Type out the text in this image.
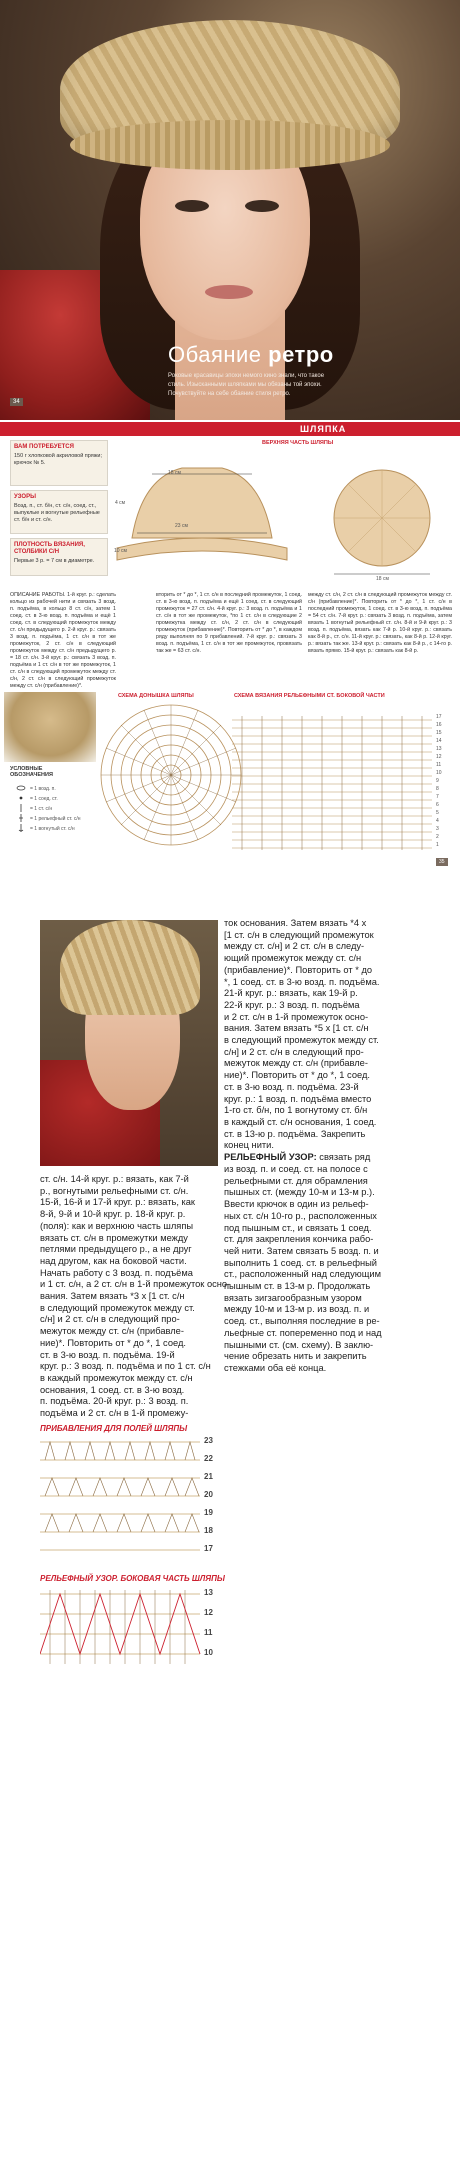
Обаяние ретро
Роковые красавицы эпохи немого кино знали, что такое стиль. Изысканными шляпками мы обязаны той эпохи. Почувствуйте на себе обаяние стиля ретро.
34
ШЛЯПКА
ВАМ ПОТРЕБУЕТСЯ
150 г хлопковой акриловой пряжи; крючок № 5.
УЗОРЫ
Возд. п., ст. б/н, ст. с/н, соед. ст., выпуклые и вогнутые рельефные ст. б/н и ст. с/н.
ПЛОТНОСТЬ ВЯЗАНИЯ, СТОЛБИКИ С/Н
Первые 3 р. = 7 см в диаметре.
ВЕРХНЯЯ ЧАСТЬ ШЛЯПЫ
18 см
23 см
18 см
4 см
10 см
ОПИСАНИЕ РАБОТЫ. 1-й круг. р.: сделать кольцо из рабочей нити и связать 3 возд. п. подъёма, в кольцо 8 ст. с/н, затем 1 соед. ст. в 3-ю возд. п. подъёма и ещё 1 соед. ст. в следующий промежуток между ст. с/н предыдущего р. 2-й круг. р.: связать 3 возд. п. подъёма, 1 ст. с/н в тот же промежуток, 2 ст. с/н в следующий промежуток между ст. с/н предыдущего р. = 18 ст. с/н. 3-й круг. р.: связать 3 возд. п. подъёма и 1 ст. с/н в тот же промежуток, 1 ст. с/н в следующий промежуток между ст. с/н, 2 ст. с/н в следующий промежуток между ст. с/н (прибавление)*.
вторить от * до *, 1 ст. с/н в последний промежуток, 1 соед. ст. в 3-ю возд. п. подъёма и ещё 1 соед. ст. в следующий промежуток = 27 ст. с/н. 4-й круг. р.: 3 возд. п. подъёма и 1 ст. с/н в тот же промежуток, *по 1 ст. с/н в следующие 2 промежутка между ст. с/н, 2 ст. с/н в следующий промежуток (прибавление)*. Повторить от * до *, в каждом ряду выполняя по 9 прибавлений. 7-й круг. р.: связать 3 возд. п. подъёма, 1 ст. с/н в тот же промежуток, провязать так же = 63 ст. с/н.
между ст. с/н, 2 ст. с/н в следующий промежуток между ст. с/н (прибавление)*. Повторить от * до *, 1 ст. с/н в последний промежуток, 1 соед. ст. в 3-ю возд. п. подъёма = 54 ст. с/н. 7-й круг. р.: связать 3 возд. п. подъёма, затем вязать 1 вогнутый рельефный ст. с/н. 8-й и 9-й круг. р.: 3 возд. п. подъёма, вязать как 7-й р. 10-й круг. р.: связать как 8-й р., ст. с/н. 11-й круг. р.: связать, как 8-й р. 12-й круг. р.: вязать так же. 13-й круг. р.: связать как 8-й р., с 14-го р. вязать прямо. 15-й круг. р.: связать как 8-й р.
СХЕМА ДОНЫШКА ШЛЯПЫ	СХЕМА ВЯЗАНИЯ РЕЛЬЕФНЫМИ СТ. БОКОВОЙ ЧАСТИ
17
16
15
14
13
12
11
10
9
8
7
6
5
4
3
2
1
УСЛОВНЫЕ ОБОЗНАЧЕНИЯ
= 1 возд. п.
= 1 соед. ст.
= 1 ст. с/н
= 1 рельефный ст. с/н
= 1 вогнутый ст. с/н
35
ток основания. Затем вязать *4 х
[1 ст. с/н в следующий промежуток
между ст. с/н] и 2 ст. с/н в следу-
ющий промежуток между ст. с/н
(прибавление)*. Повторить от * до
*, 1 соед. ст. в 3-ю возд. п. подъёма.
21-й круг. р.: вязать, как 19-й р.
22-й круг. р.: 3 возд. п. подъёма
и 2 ст. с/н в 1-й промежуток осно-
вания. Затем вязать *5 х [1 ст. с/н
в следующий промежуток между ст.
с/н] и 2 ст. с/н в следующий про-
межуток между ст. с/н (прибавле-
ние)*. Повторить от * до *, 1 соед.
ст. в 3-ю возд. п. подъёма. 23-й
круг. р.: 1 возд. п. подъёма вместо
1-го ст. б/н, по 1 вогнутому ст. б/н
в каждый ст. с/н основания, 1 соед.
ст. в 13-ю р. подъёма. Закрепить
конец нити.
РЕЛЬЕФНЫЙ УЗОР: связать ряд
из возд. п. и соед. ст. на полосе с
рельефными ст. для обрамления
пышных ст. (между 10-м и 13-м р.).
Ввести крючок в один из рельеф-
ных ст. с/н 10-го р., расположенных
под пышным ст., и связать 1 соед.
ст. для закрепления кончика рабо-
чей нити. Затем связать 5 возд. п. и
выполнить 1 соед. ст. в рельефный
ст., расположенный над следующим
пышным ст. в 13-м р. Продолжать
вязать зигзагообразным узором
между 10-м и 13-м р. из возд. п. и
соед. ст., выполняя последние в ре-
льефные ст. попеременно под и над
пышными ст. (см. схему). В заклю-
чение обрезать нить и закрепить
стежками оба её конца.
ст. с/н. 14-й круг. р.: вязать, как 7-й
р., вогнутыми рельефными ст. с/н.
15-й, 16-й и 17-й круг. р.: вязать, как
8-й, 9-й и 10-й круг. р. 18-й круг. р.
(поля): как и верхнюю часть шляпы
вязать ст. с/н в промежутки между
петлями предыдущего р., а не друг
над другом, как на боковой части.
Начать работу с 3 возд. п. подъёма
и 1 ст. с/н, а 2 ст. с/н в 1-й промежуток осно-
вания. Затем вязать *3 х [1 ст. с/н
в следующий промежуток между ст.
с/н] и 2 ст. с/н в следующий про-
межуток между ст. с/н (прибавле-
ние)*. Повторить от * до *, 1 соед.
ст. в 3-ю возд. п. подъёма. 19-й
круг. р.: 3 возд. п. подъёма и по 1 ст. с/н
в каждый промежуток между ст. с/н
основания, 1 соед. ст. в 3-ю возд.
п. подъёма. 20-й круг. р.: 3 возд. п.
подъёма и 2 ст. с/н в 1-й промежу-
ПРИБАВЛЕНИЯ ДЛЯ ПОЛЕЙ ШЛЯПЫ
23
22
21
20
19
18
17
РЕЛЬЕФНЫЙ УЗОР. БОКОВАЯ ЧАСТЬ ШЛЯПЫ
13
12
11
10
